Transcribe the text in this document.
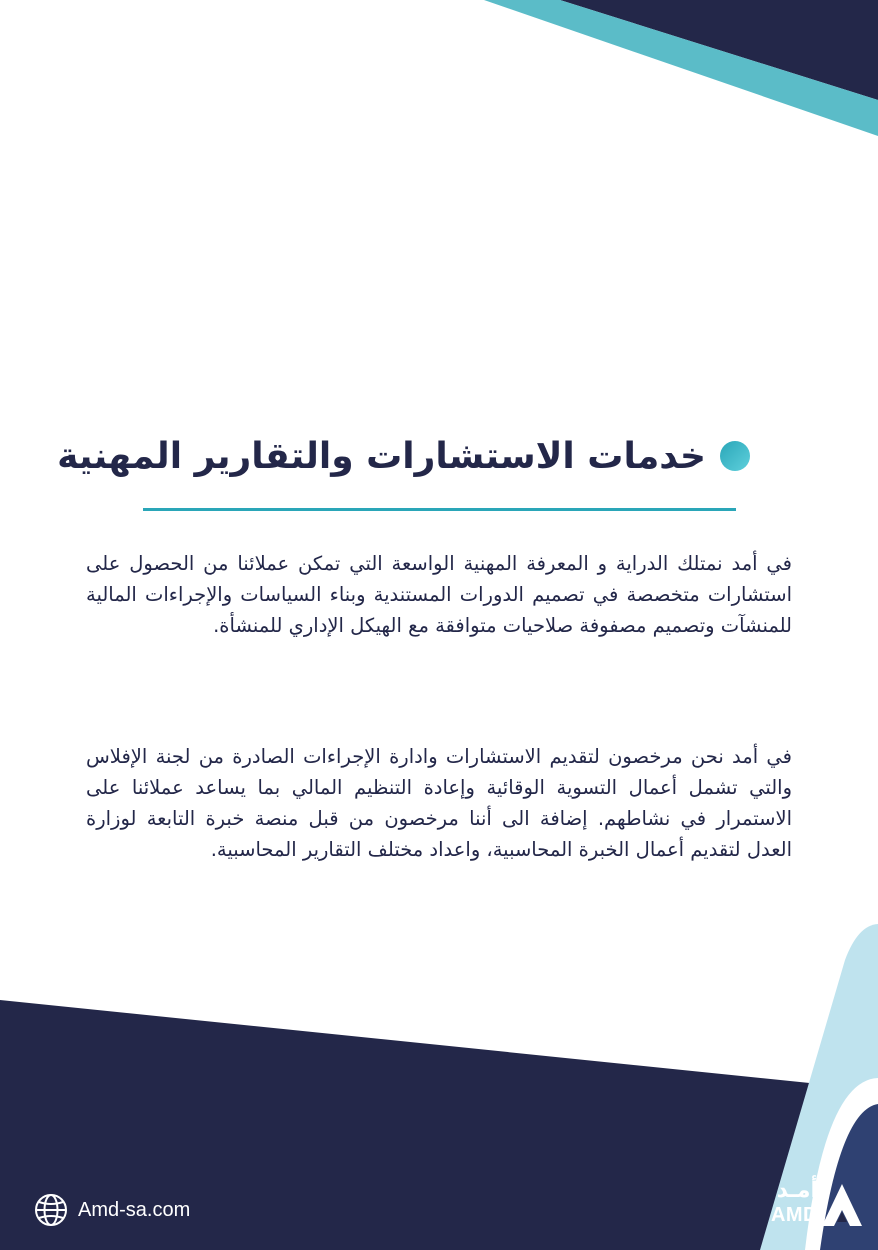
خدمات الاستشارات والتقارير المهنية

في أمد نمتلك الدراية و المعرفة المهنية الواسعة التي تمكن عملائنا من الحصول على استشارات متخصصة في تصميم الدورات المستندية وبناء السياسات والإجراءات المالية للمنشآت وتصميم مصفوفة صلاحيات متوافقة مع الهيكل الإداري للمنشأة.

في أمد نحن مرخصون لتقديم الاستشارات وادارة الإجراءات الصادرة من لجنة الإفلاس والتي تشمل أعمال التسوية الوقائية وإعادة التنظيم المالي بما يساعد عملائنا على الاستمرار في نشاطهم. إضافة الى أننا مرخصون من قبل منصة خبرة التابعة لوزارة العدل لتقديم أعمال الخبرة المحاسبية، واعداد مختلف التقارير المحاسبية.

Amd-sa.com
أمـد
AMD
